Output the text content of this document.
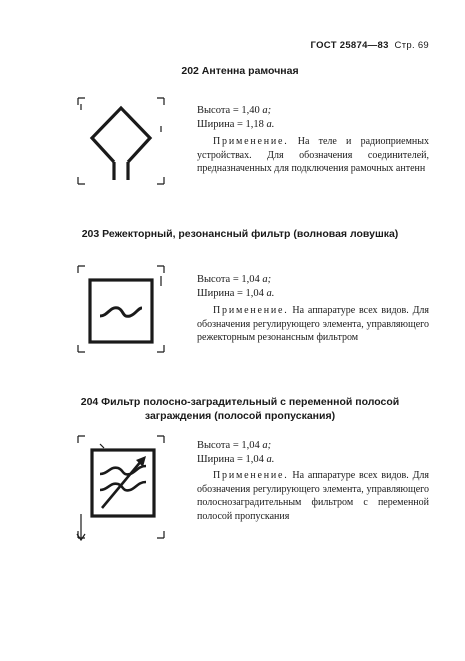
ГОСТ 25874—83 Стр. 69
202 Антенна рамочная
Высота = 1,40 a;
Ширина = 1,18 a.
Применение. На теле и радиоприемных устройствах. Для обозначения соединителей, предназначенных для подключения рамочных антенн
203 Режекторный, резонансный фильтр (волновая ловушка)
Высота = 1,04 a;
Ширина = 1,04 a.
Применение. На аппаратуре всех видов. Для обозначения регулирующего элемента, управляющего режекторным резонансным фильтром
204 Фильтр полосно-заградительный с переменной полосой заграждения (полосой пропускания)
Высота = 1,04 a;
Ширина = 1,04 a.
Применение. На аппаратуре всех видов. Для обозначения регулирующего элемента, управляющего полоснозаградительным фильтром с переменной полосой пропускания
